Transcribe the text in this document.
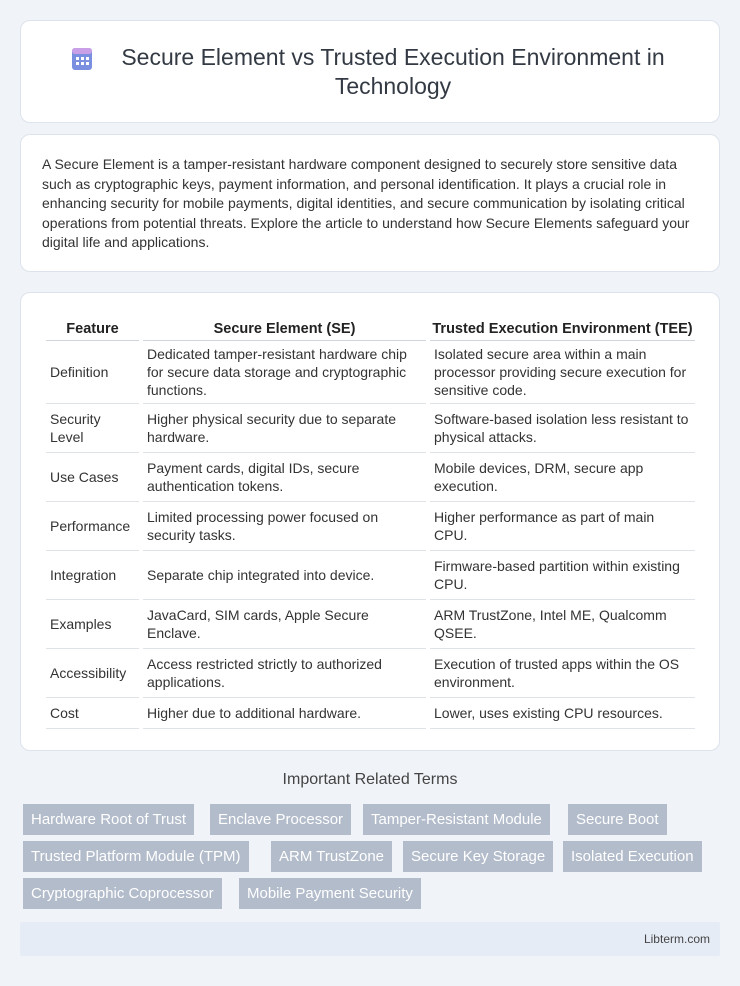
Secure Element vs Trusted Execution Environment in Technology

A Secure Element is a tamper-resistant hardware component designed to securely store sensitive data such as cryptographic keys, payment information, and personal identification. It plays a crucial role in enhancing security for mobile payments, digital identities, and secure communication by isolating critical operations from potential threats. Explore the article to understand how Secure Elements safeguard your digital life and applications.

Feature	Secure Element (SE)	Trusted Execution Environment (TEE)
Definition	Dedicated tamper-resistant hardware chip for secure data storage and cryptographic functions.	Isolated secure area within a main processor providing secure execution for sensitive code.
Security Level	Higher physical security due to separate hardware.	Software-based isolation less resistant to physical attacks.
Use Cases	Payment cards, digital IDs, secure authentication tokens.	Mobile devices, DRM, secure app execution.
Performance	Limited processing power focused on security tasks.	Higher performance as part of main CPU.
Integration	Separate chip integrated into device.	Firmware-based partition within existing CPU.
Examples	JavaCard, SIM cards, Apple Secure Enclave.	ARM TrustZone, Intel ME, Qualcomm QSEE.
Accessibility	Access restricted strictly to authorized applications.	Execution of trusted apps within the OS environment.
Cost	Higher due to additional hardware.	Lower, uses existing CPU resources.
Important Related Terms
Hardware Root of Trust	Enclave Processor	Tamper-Resistant Module	Secure Boot
Trusted Platform Module (TPM)	ARM TrustZone	Secure Key Storage	Isolated Execution
Cryptographic Coprocessor	Mobile Payment Security
Libterm.com
